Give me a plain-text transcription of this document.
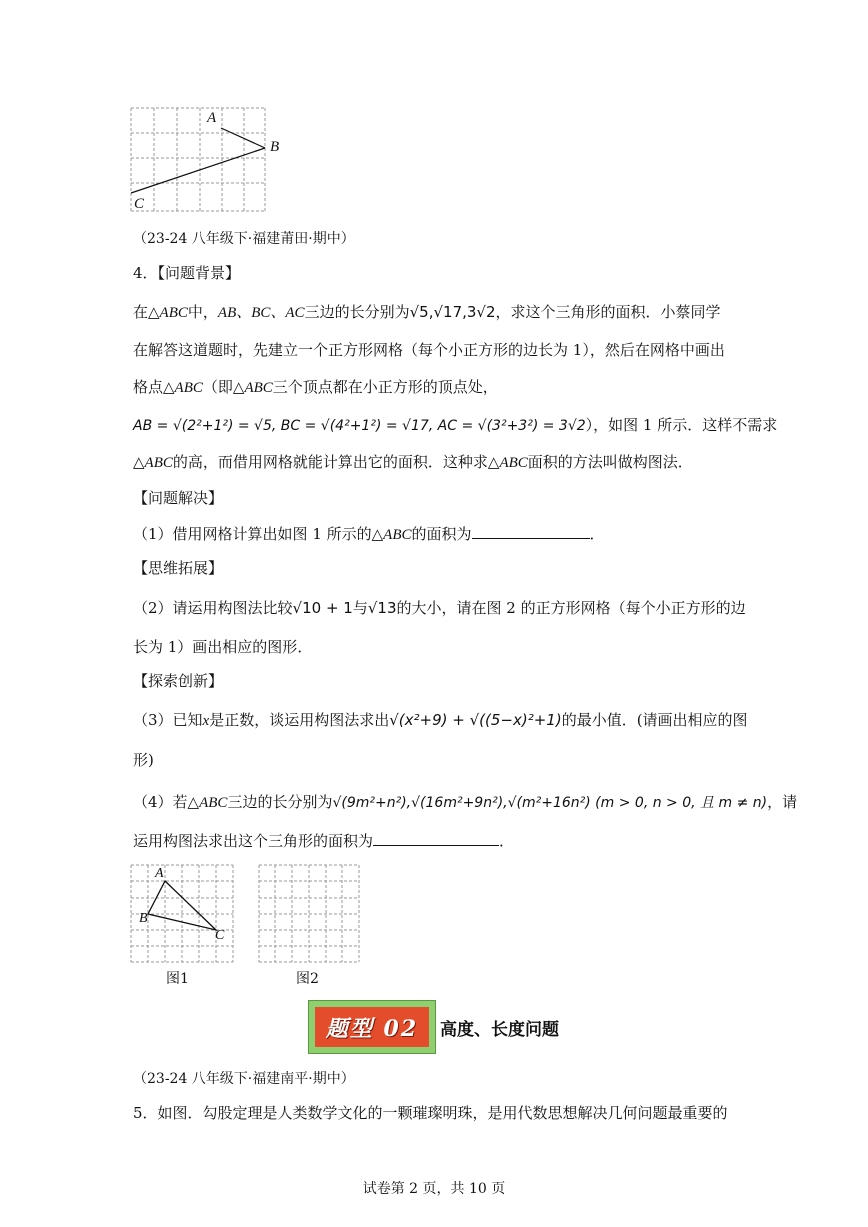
A
B
C
（23-24 八年级下·福建莆田·期中）
4．【问题背景】
在△ABC中，AB、BC、AC三边的长分别为√5,√17,3√2，求这个三角形的面积．小蔡同学
在解答这道题时，先建立一个正方形网格（每个小正方形的边长为 1），然后在网格中画出
格点△ABC（即△ABC三个顶点都在小正方形的顶点处，
AB = √(2²+1²) = √5, BC = √(4²+1²) = √17, AC = √(3²+3²) = 3√2），如图 1 所示．这样不需求
△ABC的高，而借用网格就能计算出它的面积．这种求△ABC面积的方法叫做构图法．
【问题解决】
（1）借用网格计算出如图 1 所示的△ABC的面积为	．
【思维拓展】
（2）请运用构图法比较√10 + 1与√13的大小，请在图 2 的正方形网格（每个小正方形的边
长为 1）画出相应的图形．
【探索创新】
（3）已知x是正数，谈运用构图法求出√(x²+9) + √((5−x)²+1)的最小值．(请画出相应的图
形)
（4）若△ABC三边的长分别为√(9m²+n²),√(16m²+9n²),√(m²+16n²) (m > 0, n > 0, 且 m ≠ n)，请
运用构图法求出这个三角形的面积为	．
A
B
C
图1	图2
题型 02	高度、长度问题
（23-24 八年级下·福建南平·期中）
5．如图．勾股定理是人类数学文化的一颗璀璨明珠，是用代数思想解决几何问题最重要的
试卷第 2 页，共 10 页
